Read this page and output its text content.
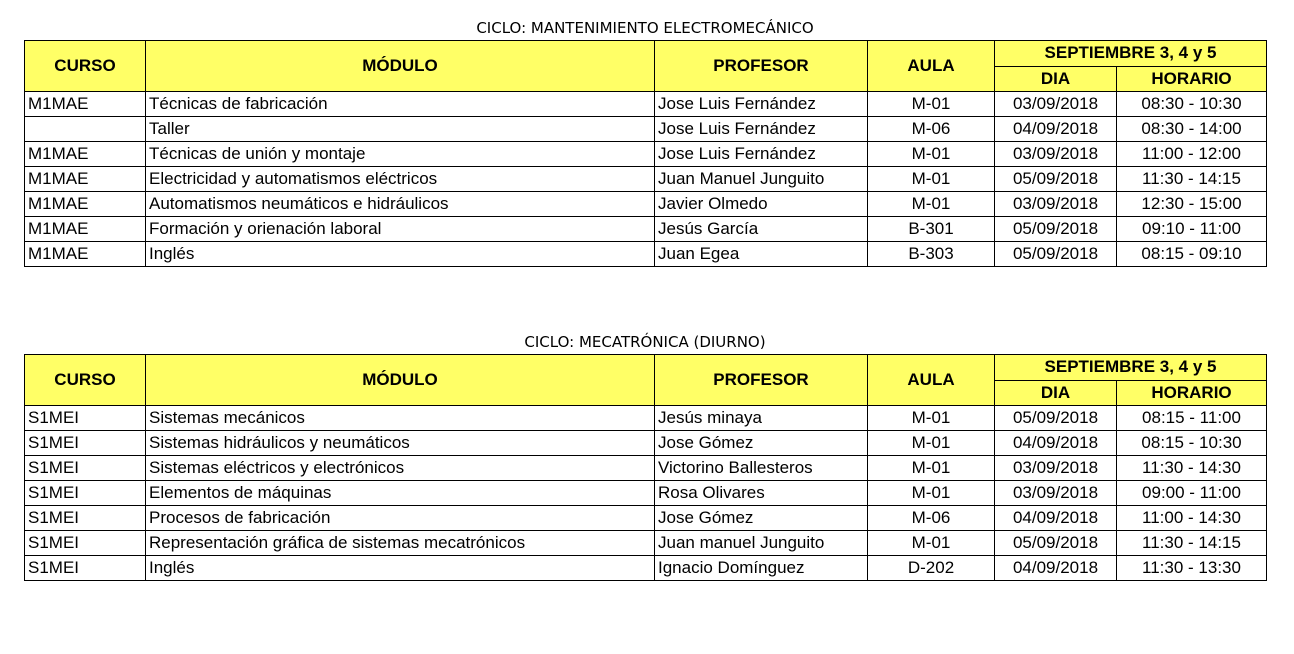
CICLO: MANTENIMIENTO ELECTROMECÁNICO
CURSO	MÓDULO	PROFESOR	AULA	SEPTIEMBRE 3, 4 y 5	
				DIA	HORARIO
M1MAE	Técnicas de fabricación	Jose Luis Fernández	M-01	03/09/2018	08:30 - 10:30
	Taller	Jose Luis Fernández	M-06	04/09/2018	08:30 - 14:00
M1MAE	Técnicas de unión y montaje	Jose Luis Fernández	M-01	03/09/2018	11:00 - 12:00
M1MAE	Electricidad y automatismos eléctricos	Juan Manuel Junguito	M-01	05/09/2018	11:30 - 14:15
M1MAE	Automatismos neumáticos e hidráulicos	Javier Olmedo	M-01	03/09/2018	12:30 - 15:00
M1MAE	Formación y orienación laboral	Jesús García	B-301	05/09/2018	09:10 - 11:00
M1MAE	Inglés	Juan Egea	B-303	05/09/2018	08:15 - 09:10
CICLO: MECATRÓNICA (DIURNO)
CURSO	MÓDULO	PROFESOR	AULA	SEPTIEMBRE 3, 4 y 5	
				DIA	HORARIO
S1MEI	Sistemas mecánicos	Jesús minaya	M-01	05/09/2018	08:15 - 11:00
S1MEI	Sistemas hidráulicos y neumáticos	Jose Gómez	M-01	04/09/2018	08:15 - 10:30
S1MEI	Sistemas eléctricos y electrónicos	Victorino Ballesteros	M-01	03/09/2018	11:30 - 14:30
S1MEI	Elementos de máquinas	Rosa Olivares	M-01	03/09/2018	09:00 - 11:00
S1MEI	Procesos de fabricación	Jose Gómez	M-06	04/09/2018	11:00 - 14:30
S1MEI	Representación gráfica de sistemas mecatrónicos	Juan manuel Junguito	M-01	05/09/2018	11:30 - 14:15
S1MEI	Inglés	Ignacio Domínguez	D-202	04/09/2018	11:30 - 13:30
